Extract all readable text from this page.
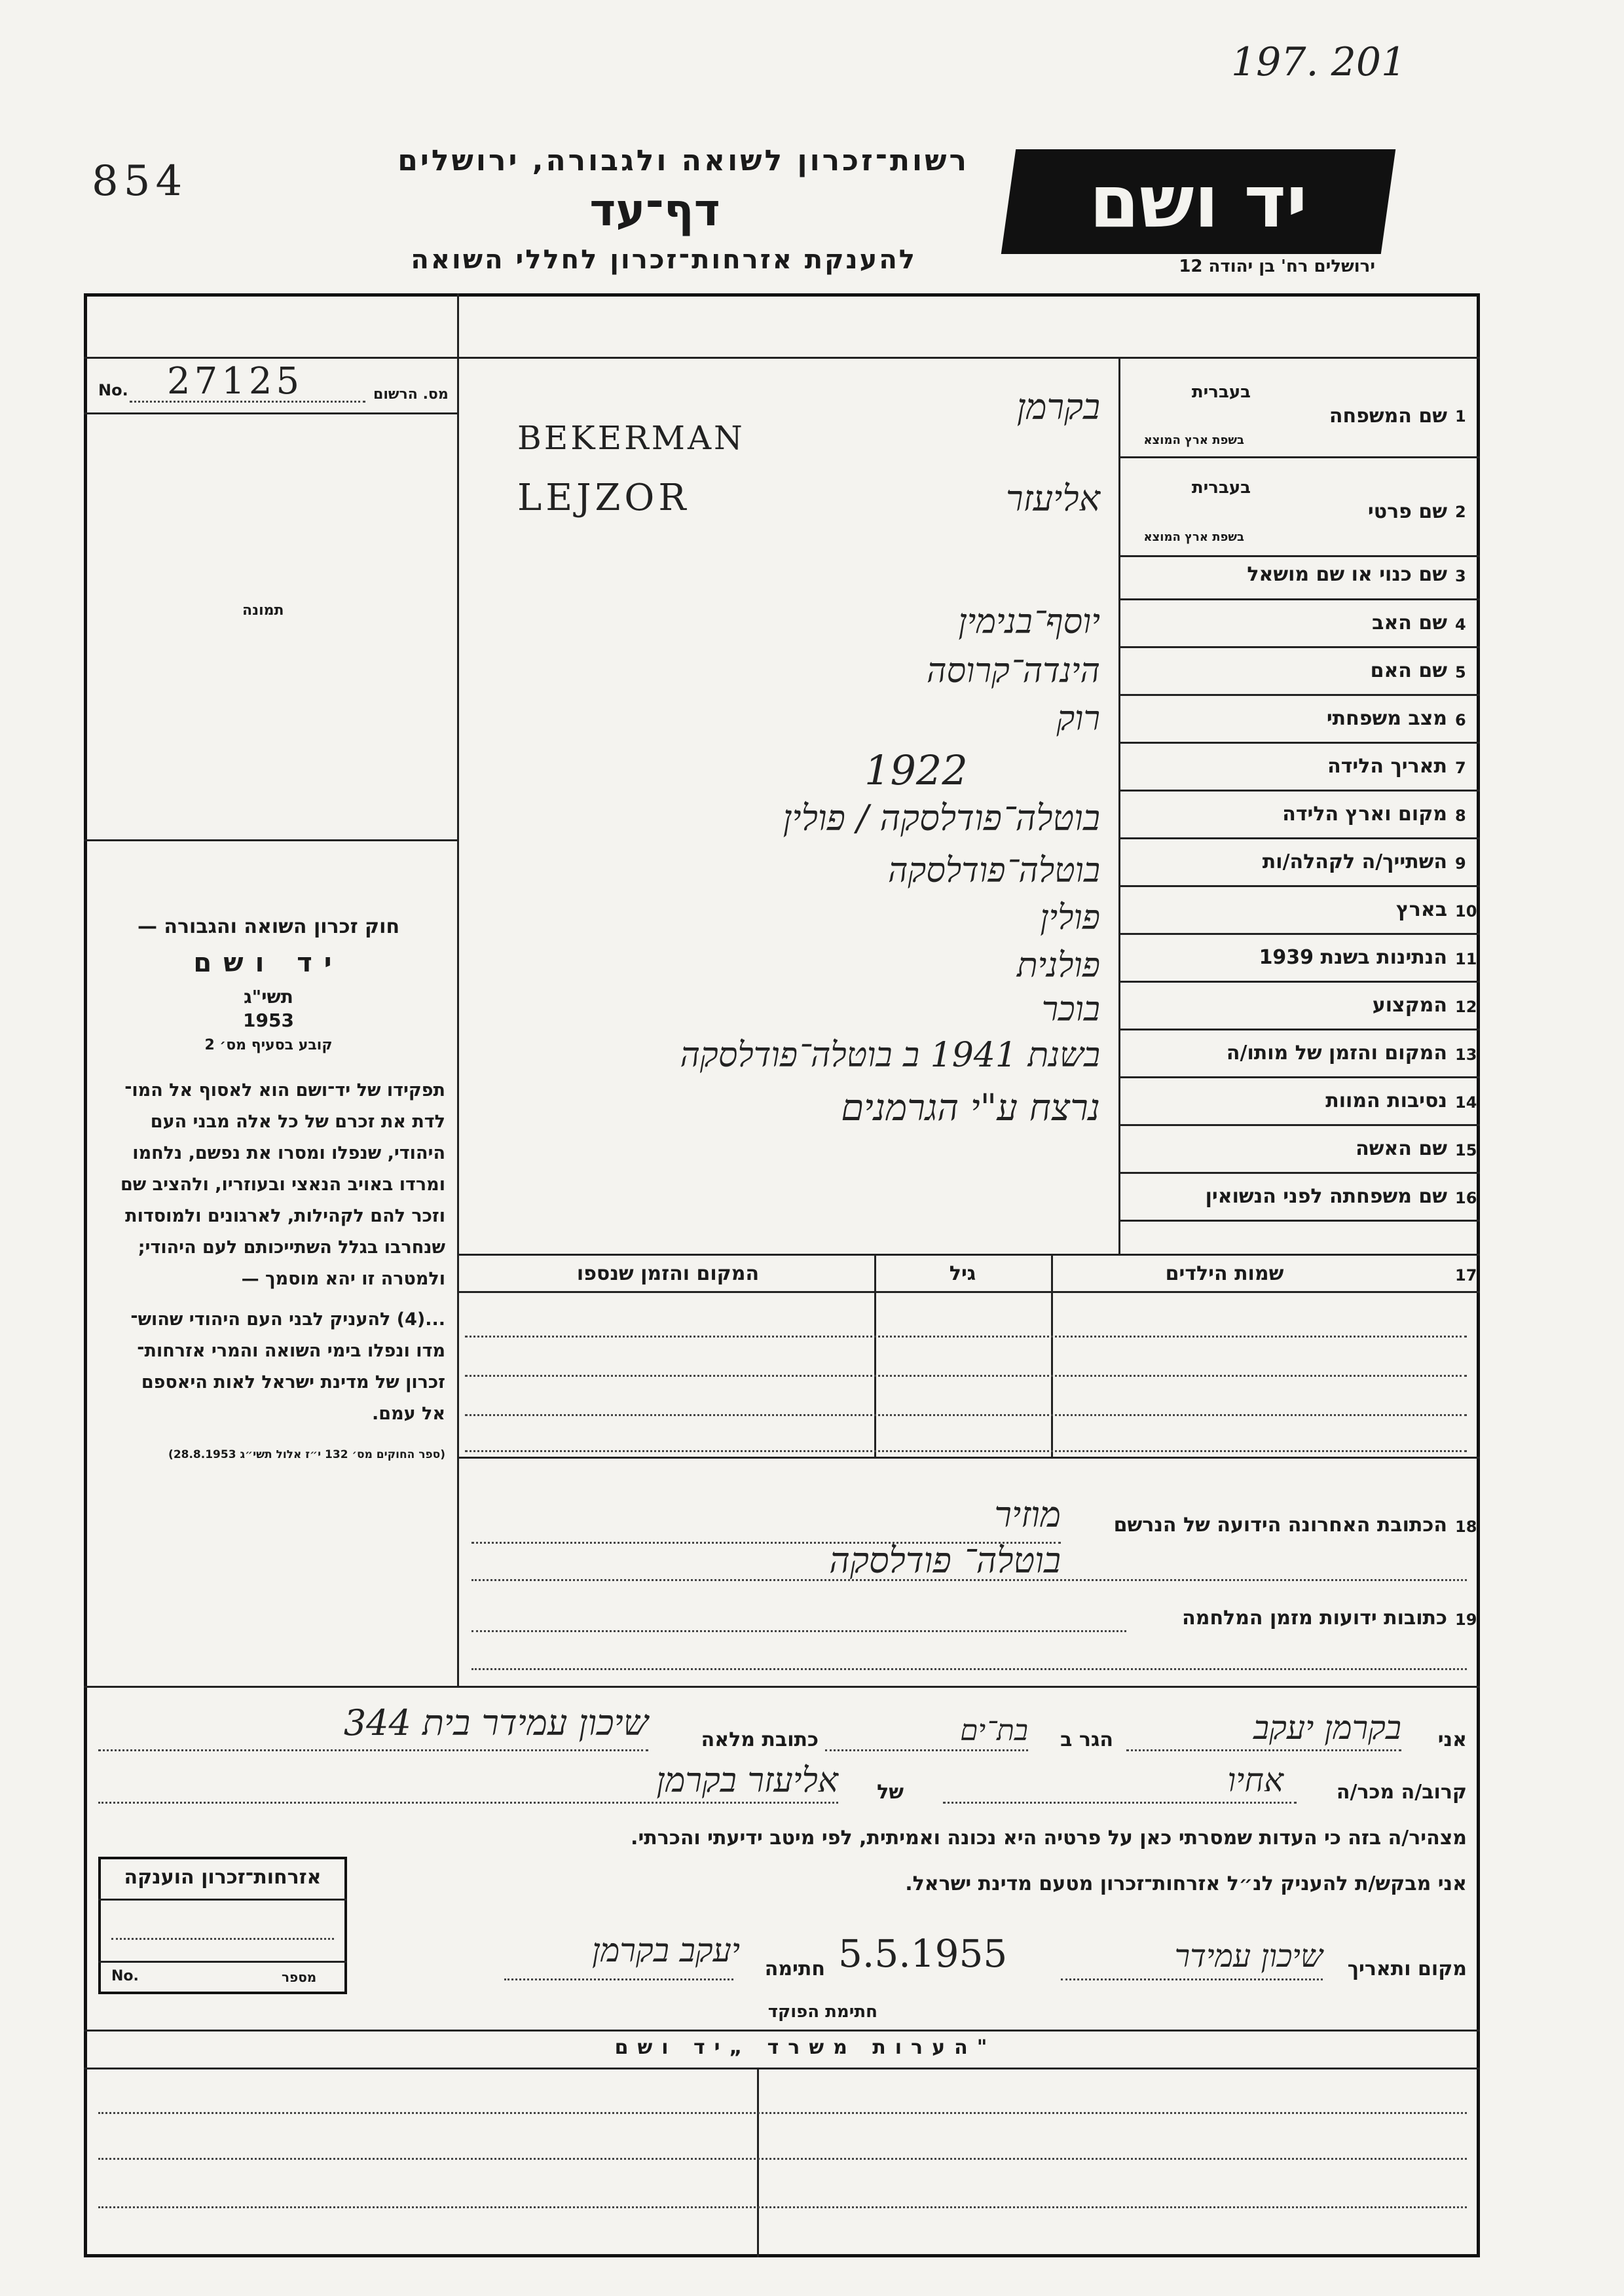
197. 201
854	יד ושם
ירושלים רח' בן יהודה 12
רשות־זכרון לשואה ולגבורה, ירושלים
דף־עד
להענקת אזרחות־זכרון לחללי השואה
No. 27125	מס. הרשום
תמונה
חוק זכרון השואה והגבורה —
יד ושם
תשי"ג
1953
קובע בסעיף מס׳ 2
תפקידו של יד־ושם הוא לאסוף אל המו־
לדת את זכרם של כל אלה מבני העם
היהודי, שנפלו ומסרו את נפשם, נלחמו
ומרדו באויב הנאצי ובעוזריו, ולהציב שם
וזכר להם לקהילות, לארגונים ולמוסדות
שנחרבו בגלל השתייכותם לעם היהודי;
ולמטרה זו יהא מוסמך —
...(4) להעניק לבני העם היהודי שהוש־
מדו ונפלו בימי השואה והמרי אזרחות־
זכרון של מדינת ישראל לאות היאספם
אל עמם.
(ספר החוקים מס׳ 132 י״ז אלול תשי״ג 28.8.1953)
1
שם המשפחה
בעברית
בשפת ארץ המוצא
בקרמן
BEKERMAN
2
שם פרטי
בעברית
בשפת ארץ המוצא
אליעזר
LEJZOR
3
שם כנוי או שם מושאל
4
שם האב
יוסף־בנימין
5
שם האם
הינדה־קרוסה
6
מצב משפחתי
רוק
7
תאריך הלידה
1922
8
מקום וארץ הלידה
בוטלה־פודלסקה / פולין
9
השתייך/ה לקהלה/ות
בוטלה־פודלסקה
10
בארץ
פולין
11
הנתינות בשנת 1939
פולנית
12
המקצוע
בוכר
13
המקום והזמן של מותו/ה
בשנת 1941 ב בוטלה־פודלסקה
14
נסיבות המוות
נרצח ע"י הגרמנים
15
שם האשה
16
שם משפחתה לפני הנשואין
17
שמות הילדים
גיל
המקום והזמן שנספו
18
הכתובת האחרונה הידועה של הנרשם
מוזיר
בוטלה־ פודלסקה
19
כתובות ידועות מזמן המלחמה
אני
בקרמן יעקב
הגר ב
בת־ים
כתובת מלאה
שיכון עמידר בית 344
קרוב/ה מכר/ה
אחיו
של
אליעזר בקרמן
מצהיר/ה בזה כי העדות שמסרתי כאן על פרטיה היא נכונה ואמיתית, לפי מיטב ידיעתי והכרתי.
אני מבקש/ת להעניק לנ״ל אזרחות־זכרון מטעם מדינת ישראל.
מקום ותאריך
שיכון עמידר
5.5.1955
חתימה
יעקב בקרמן
חתימת הפוקד
אזרחות־זכרון הוענקה
No.	מספר
הערות משרד „יד ושם"
